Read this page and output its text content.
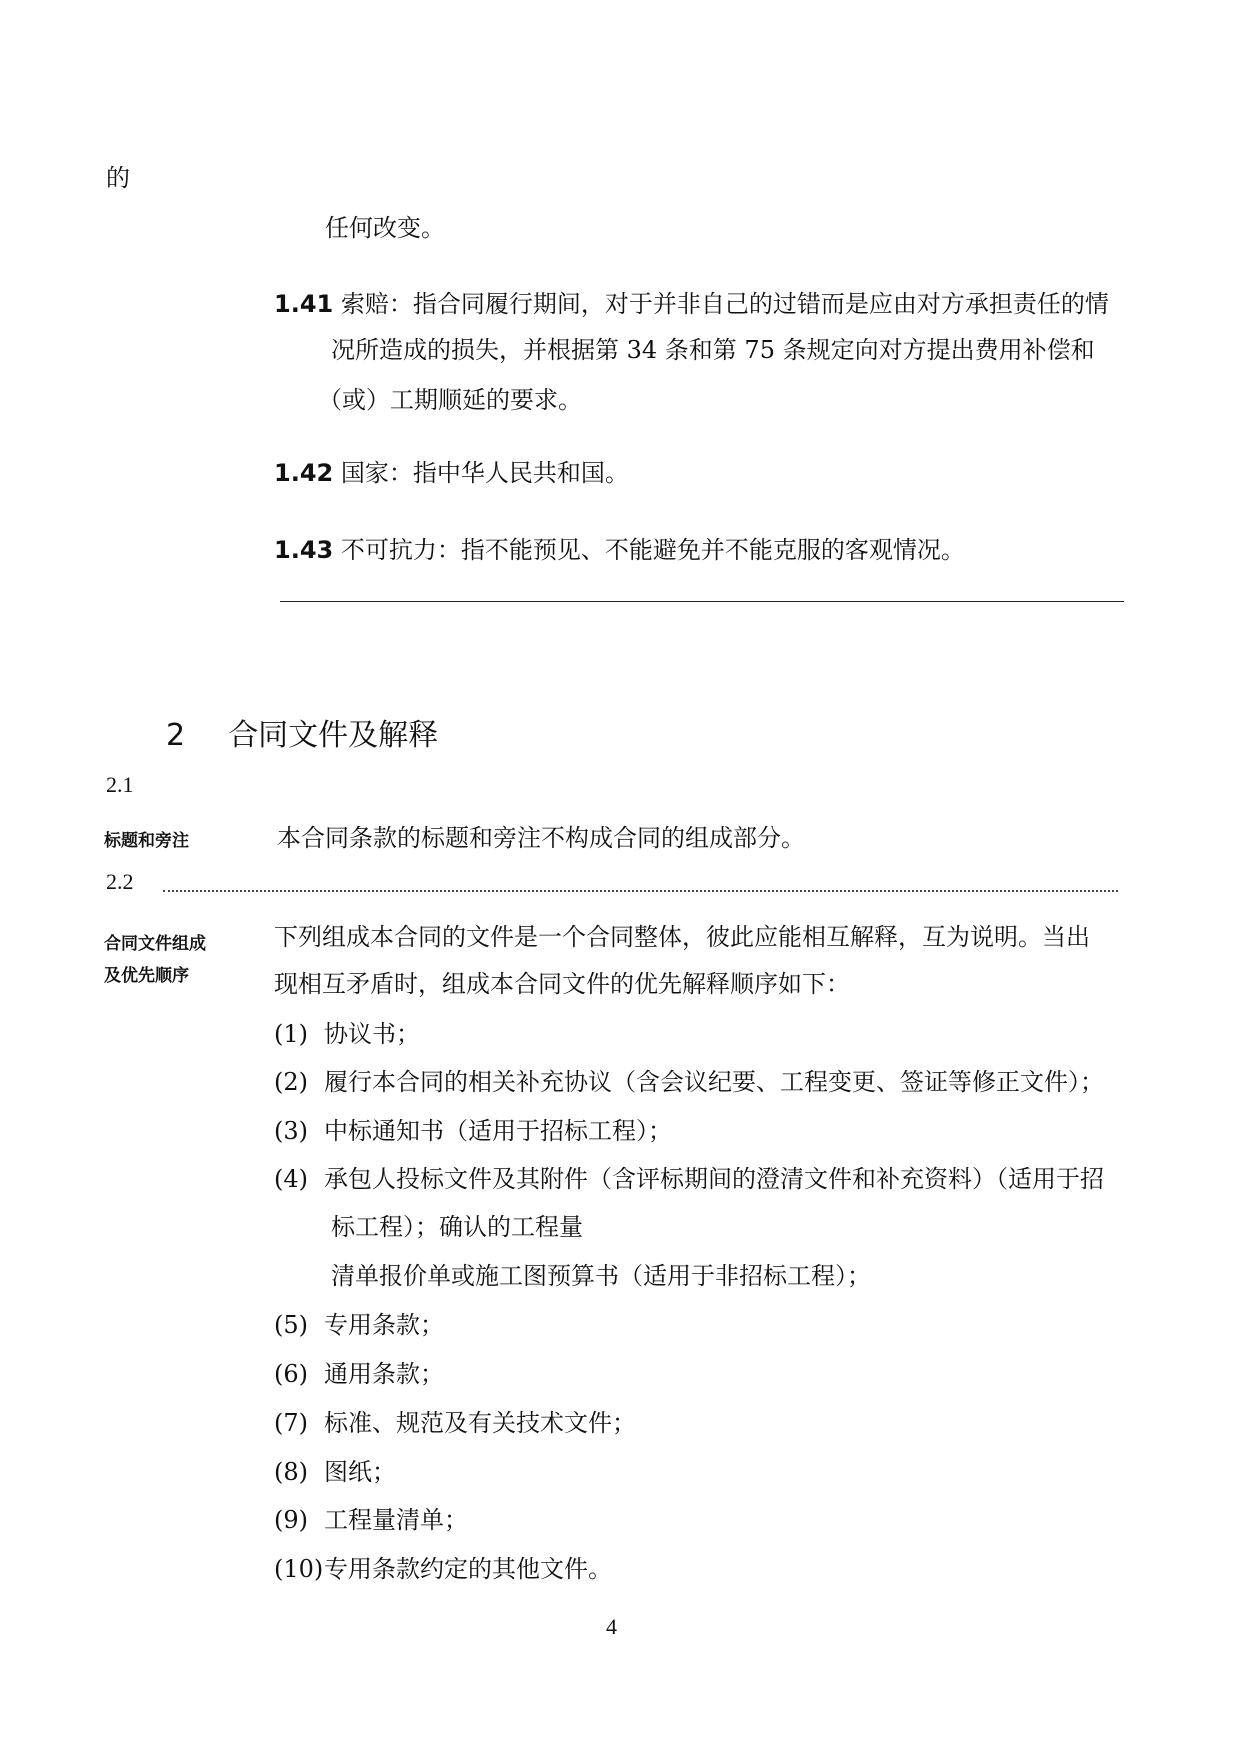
的
任何改变。
1.41 索赔：指合同履行期间，对于并非自己的过错而是应由对方承担责任的情
况所造成的损失，并根据第 34 条和第 75 条规定向对方提出费用补偿和
（或）工期顺延的要求。
1.42 国家：指中华人民共和国。
1.43 不可抗力：指不能预见、不能避免并不能克服的客观情况。
2 合同文件及解释
2.1
标题和旁注	本合同条款的标题和旁注不构成合同的组成部分。
2.2
合同文件组成
及优先顺序
下列组成本合同的文件是一个合同整体，彼此应能相互解释，互为说明。当出
现相互矛盾时，组成本合同文件的优先解释顺序如下：
(1) 协议书；
(2) 履行本合同的相关补充协议（含会议纪要、工程变更、签证等修正文件）；
(3) 中标通知书（适用于招标工程）；
(4) 承包人投标文件及其附件（含评标期间的澄清文件和补充资料）（适用于招
标工程）；确认的工程量
清单报价单或施工图预算书（适用于非招标工程）；
(5) 专用条款；
(6) 通用条款；
(7) 标准、规范及有关技术文件；
(8) 图纸；
(9) 工程量清单；
(10)专用条款约定的其他文件。
4
